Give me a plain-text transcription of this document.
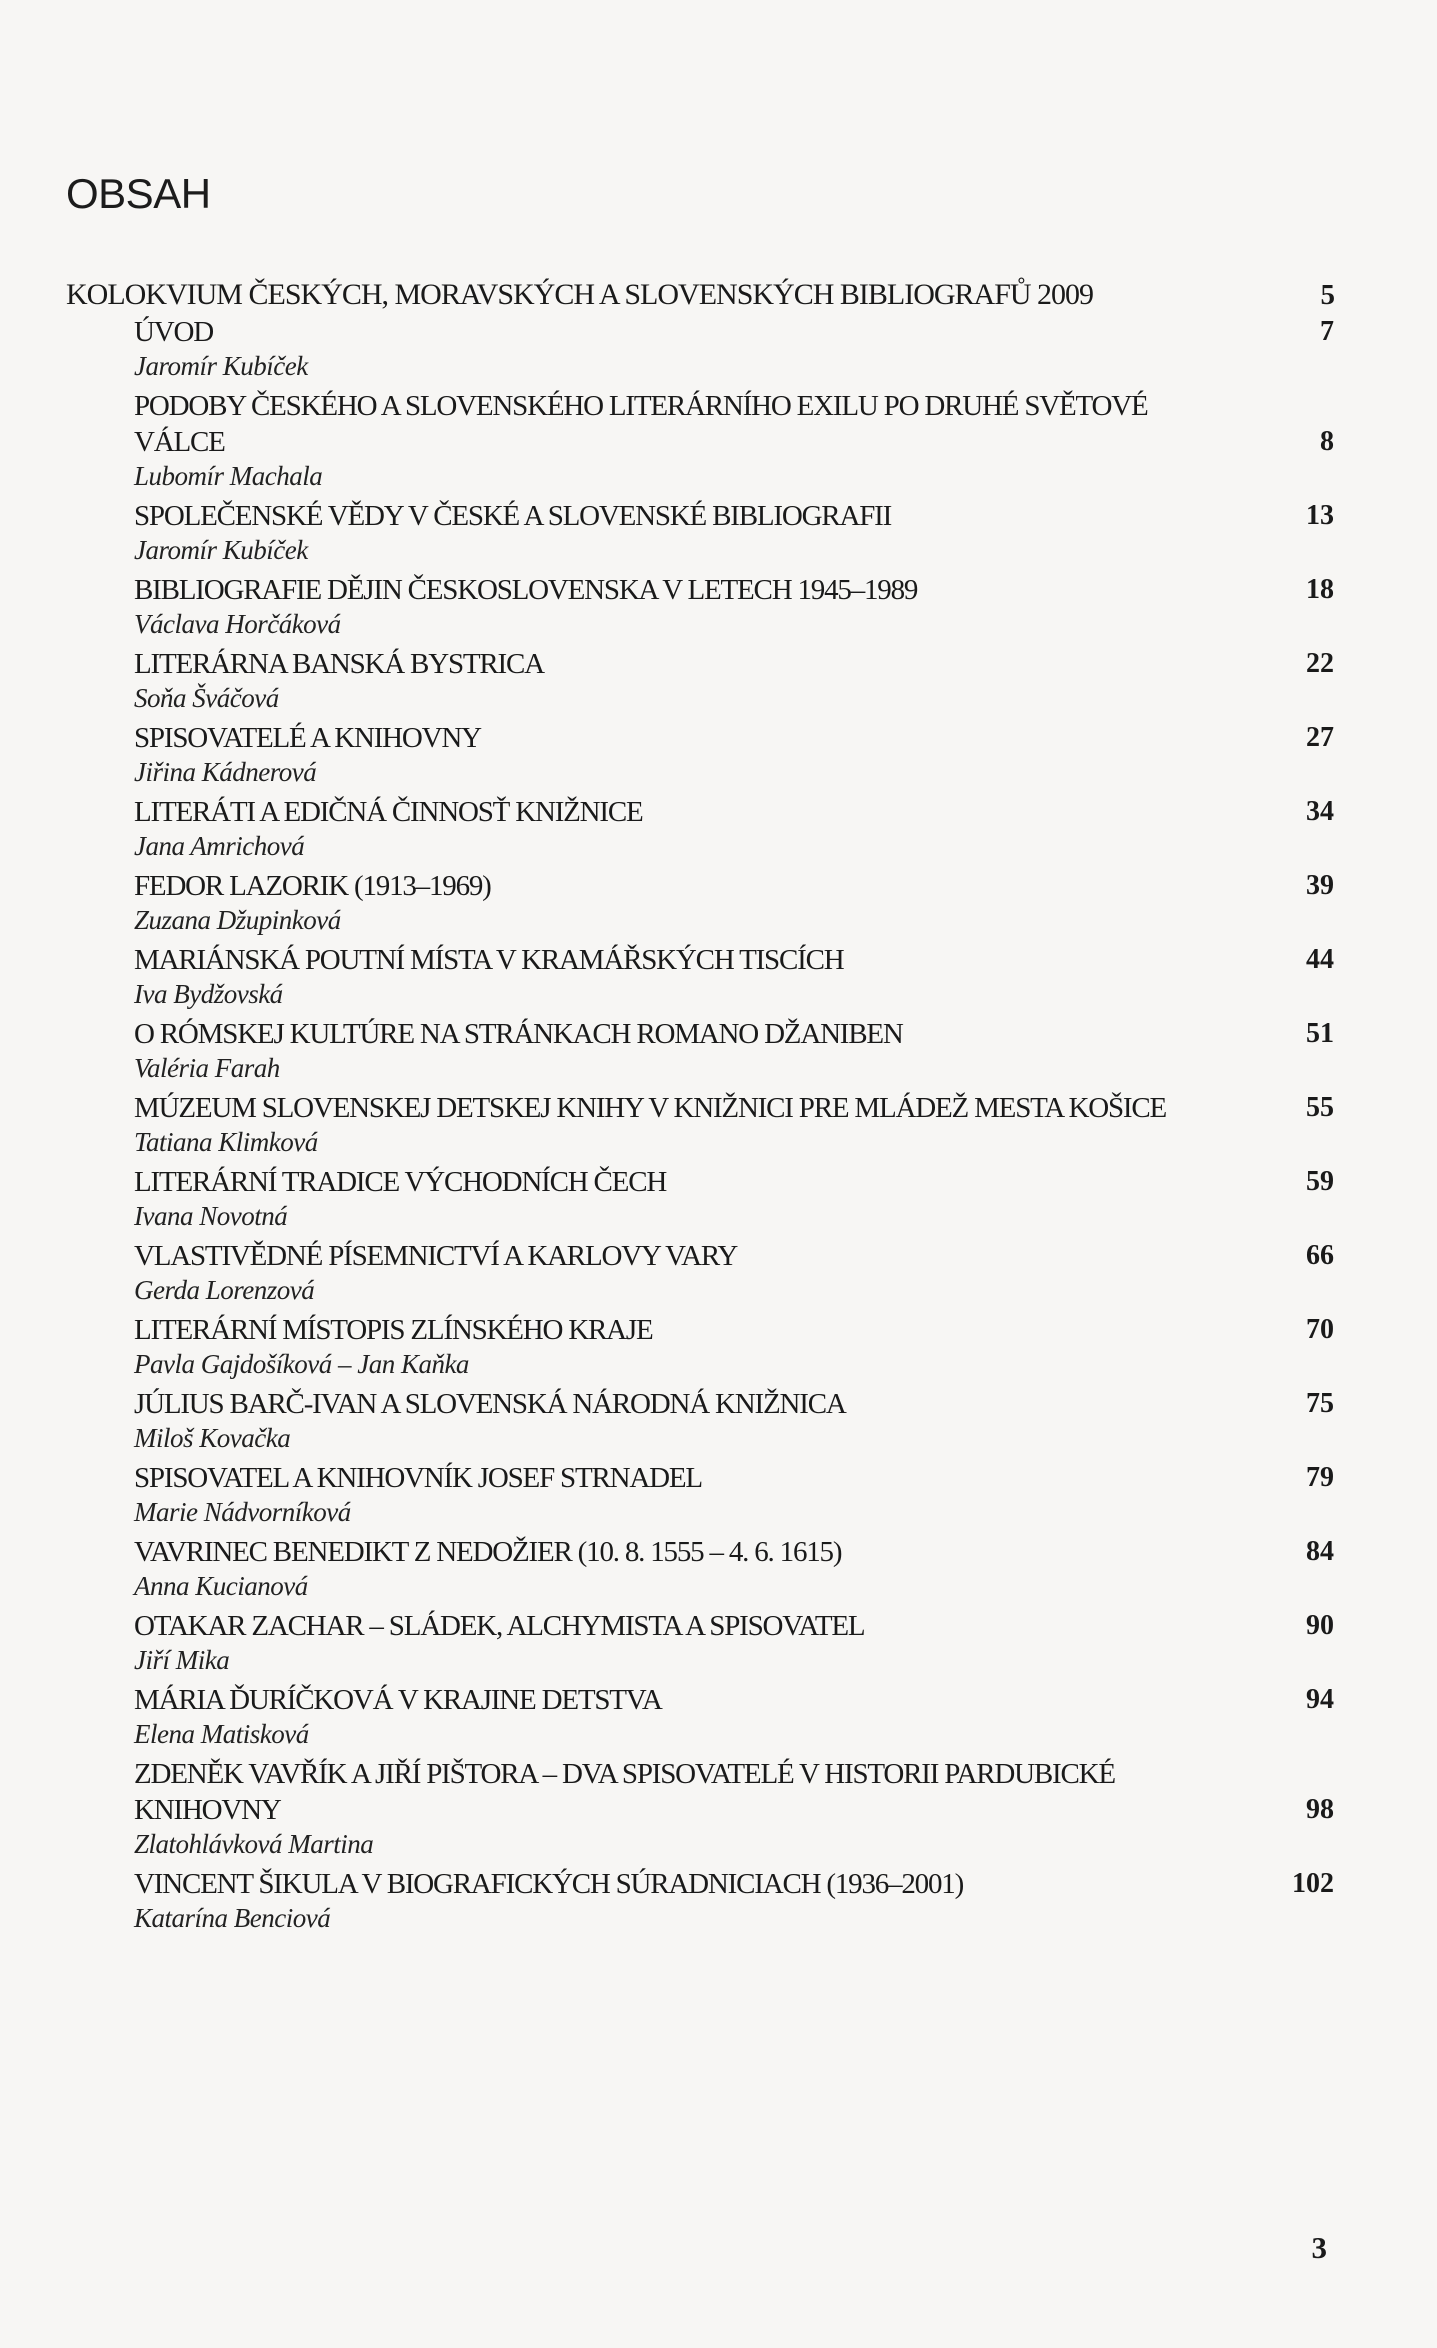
OBSAH
KOLOKVIUM ČESKÝCH, MORAVSKÝCH A SLOVENSKÝCH BIBLIOGRAFŮ 2009	5
ÚVOD	7
Jaromír Kubíček
PODOBY ČESKÉHO A SLOVENSKÉHO LITERÁRNÍHO EXILU PO DRUHÉ SVĚTOVÉ VÁLCE	8
Lubomír Machala
SPOLEČENSKÉ VĚDY V ČESKÉ A SLOVENSKÉ BIBLIOGRAFII	13
Jaromír Kubíček
BIBLIOGRAFIE DĚJIN ČESKOSLOVENSKA V LETECH 1945–1989	18
Václava Horčáková
LITERÁRNA BANSKÁ BYSTRICA	22
Soňa Šváčová
SPISOVATELÉ A KNIHOVNY	27
Jiřina Kádnerová
LITERÁTI A EDIČNÁ ČINNOSŤ KNIŽNICE	34
Jana Amrichová
FEDOR LAZORIK (1913–1969)	39
Zuzana Džupinková
MARIÁNSKÁ POUTNÍ MÍSTA V KRAMÁŘSKÝCH TISCÍCH	44
Iva Bydžovská
O RÓMSKEJ KULTÚRE NA STRÁNKACH ROMANO DŽANIBEN	51
Valéria Farah
MÚZEUM SLOVENSKEJ DETSKEJ KNIHY V KNIŽNICI PRE MLÁDEŽ MESTA KOŠICE	55
Tatiana Klimková
LITERÁRNÍ TRADICE VÝCHODNÍCH ČECH	59
Ivana Novotná
VLASTIVĚDNÉ PÍSEMNICTVÍ A KARLOVY VARY	66
Gerda Lorenzová
LITERÁRNÍ MÍSTOPIS ZLÍNSKÉHO KRAJE	70
Pavla Gajdošíková – Jan Kaňka
JÚLIUS BARČ-IVAN A SLOVENSKÁ NÁRODNÁ KNIŽNICA	75
Miloš Kovačka
SPISOVATEL A KNIHOVNÍK JOSEF STRNADEL	79
Marie Nádvorníková
VAVRINEC BENEDIKT Z NEDOŽIER (10. 8. 1555 – 4. 6. 1615)	84
Anna Kucianová
OTAKAR ZACHAR – SLÁDEK, ALCHYMISTA A SPISOVATEL	90
Jiří Mika
MÁRIA ĎURÍČKOVÁ V KRAJINE DETSTVA	94
Elena Matisková
ZDENĚK VAVŘÍK A JIŘÍ PIŠTORA – DVA SPISOVATELÉ V HISTORII PARDUBICKÉ KNIHOVNY	98
Zlatohlávková Martina
VINCENT ŠIKULA V BIOGRAFICKÝCH SÚRADNICIACH (1936–2001)	102
Katarína Benciová
3
